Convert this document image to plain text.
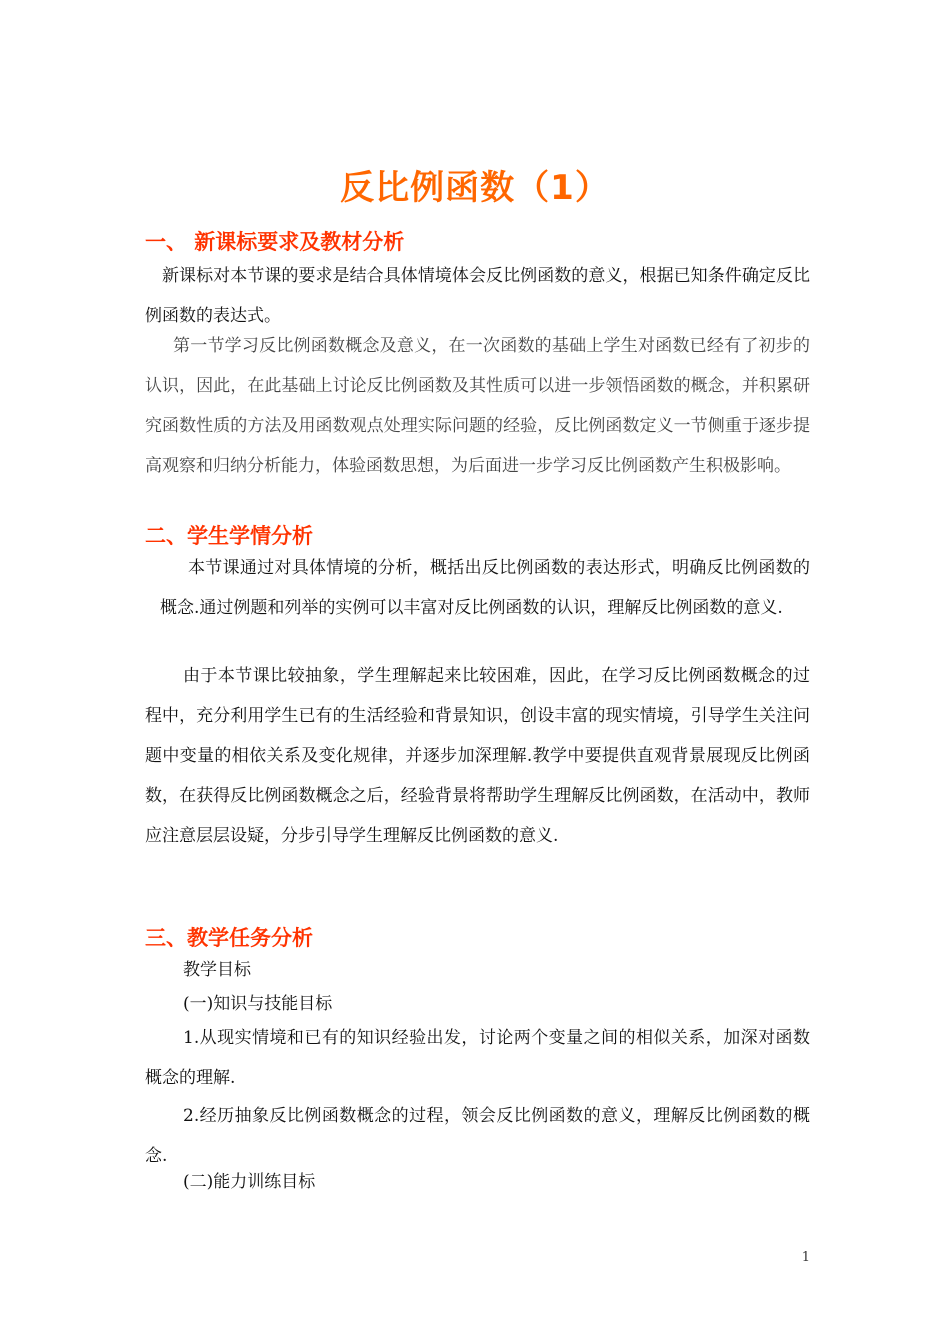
反比例函数（1）
一、 新课标要求及教材分析
新课标对本节课的要求是结合具体情境体会反比例函数的意义，根据已知条件确定反比例函数的表达式。
第一节学习反比例函数概念及意义，在一次函数的基础上学生对函数已经有了初步的认识，因此，在此基础上讨论反比例函数及其性质可以进一步领悟函数的概念，并积累研究函数性质的方法及用函数观点处理实际问题的经验，反比例函数定义一节侧重于逐步提高观察和归纳分析能力，体验函数思想，为后面进一步学习反比例函数产生积极影响。
二、学生学情分析
本节课通过对具体情境的分析，概括出反比例函数的表达形式，明确反比例函数的概念.通过例题和列举的实例可以丰富对反比例函数的认识，理解反比例函数的意义.
由于本节课比较抽象，学生理解起来比较困难，因此，在学习反比例函数概念的过程中，充分利用学生已有的生活经验和背景知识，创设丰富的现实情境，引导学生关注问题中变量的相依关系及变化规律，并逐步加深理解.教学中要提供直观背景展现反比例函数，在获得反比例函数概念之后，经验背景将帮助学生理解反比例函数，在活动中，教师应注意层层设疑，分步引导学生理解反比例函数的意义.
三、教学任务分析
教学目标
(一)知识与技能目标
1.从现实情境和已有的知识经验出发，讨论两个变量之间的相似关系，加深对函数概念的理解.
2.经历抽象反比例函数概念的过程，领会反比例函数的意义，理解反比例函数的概念.
(二)能力训练目标
1
